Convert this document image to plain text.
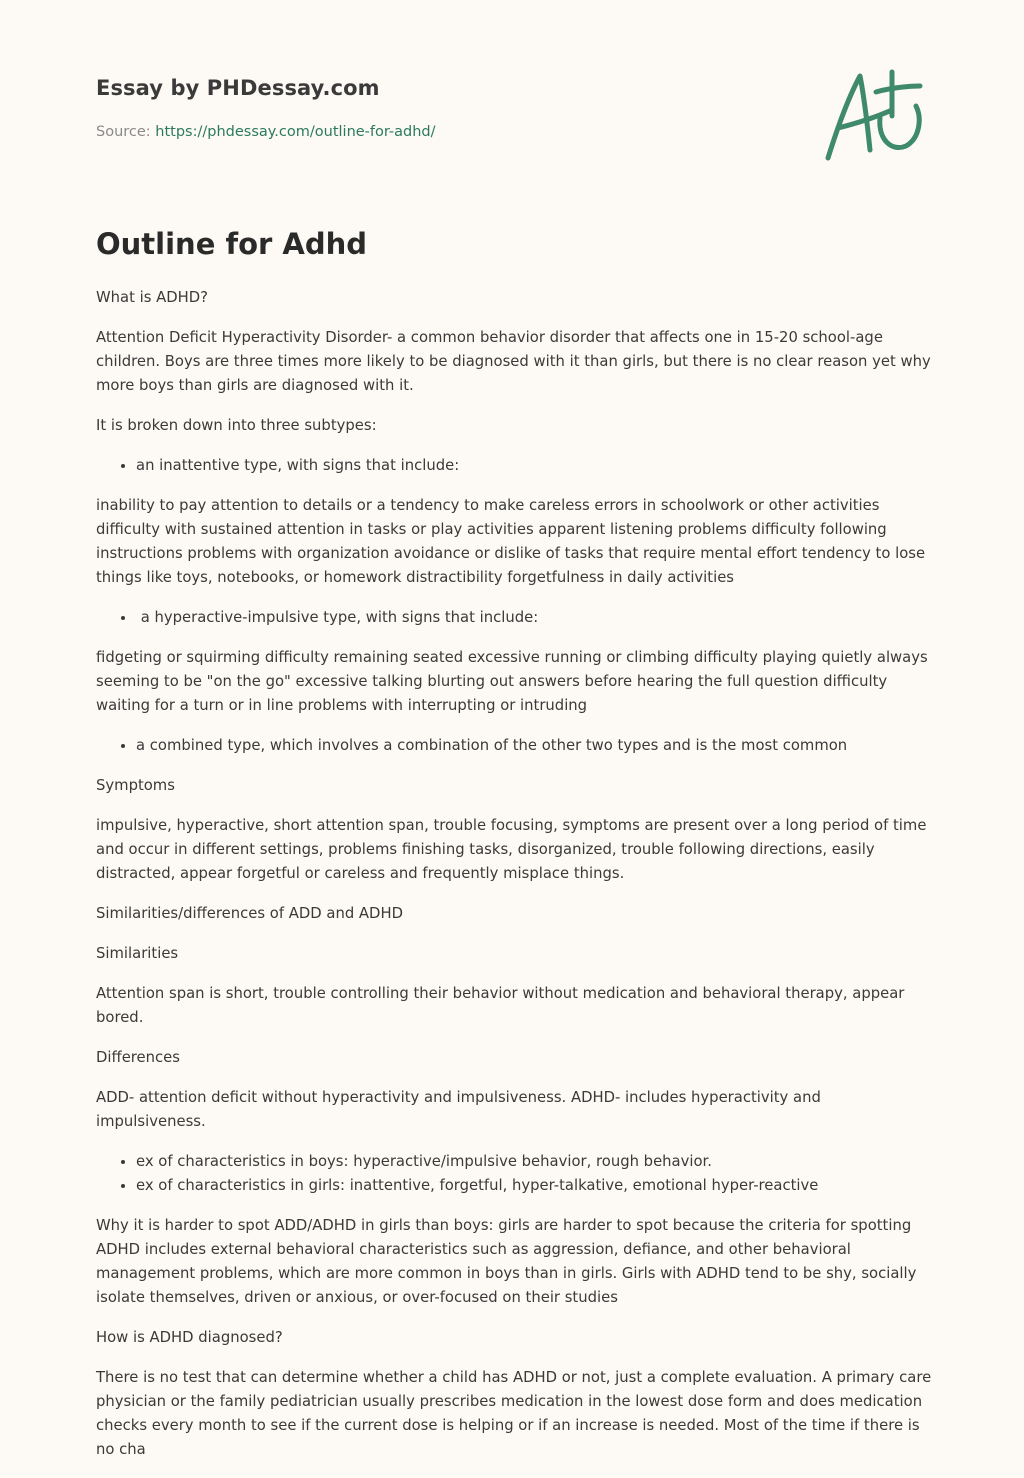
Essay by PHDessay.com
Source: https://phdessay.com/outline-for-adhd/
Outline for Adhd

What is ADHD?

Attention Deficit Hyperactivity Disorder- a common behavior disorder that affects one in 15-20 school-age children. Boys are three times more likely to be diagnosed with it than girls, but there is no clear reason yet why more boys than girls are diagnosed with it.

It is broken down into three subtypes:

• an inattentive type, with signs that include:

inability to pay attention to details or a tendency to make careless errors in schoolwork or other activities difficulty with sustained attention in tasks or play activities apparent listening problems difficulty following instructions problems with organization avoidance or dislike of tasks that require mental effort tendency to lose things like toys, notebooks, or homework distractibility forgetfulness in daily activities

•  a hyperactive-impulsive type, with signs that include:

fidgeting or squirming difficulty remaining seated excessive running or climbing difficulty playing quietly always seeming to be "on the go" excessive talking blurting out answers before hearing the full question difficulty waiting for a turn or in line problems with interrupting or intruding

• a combined type, which involves a combination of the other two types and is the most common

Symptoms

impulsive, hyperactive, short attention span, trouble focusing, symptoms are present over a long period of time and occur in different settings, problems finishing tasks, disorganized, trouble following directions, easily distracted, appear forgetful or careless and frequently misplace things.

Similarities/differences of ADD and ADHD

Similarities

Attention span is short, trouble controlling their behavior without medication and behavioral therapy, appear bored.

Differences

ADD- attention deficit without hyperactivity and impulsiveness. ADHD- includes hyperactivity and impulsiveness.

• ex of characteristics in boys: hyperactive/impulsive behavior, rough behavior.
• ex of characteristics in girls: inattentive, forgetful, hyper-talkative, emotional hyper-reactive

Why it is harder to spot ADD/ADHD in girls than boys: girls are harder to spot because the criteria for spotting ADHD includes external behavioral characteristics such as aggression, defiance, and other behavioral management problems, which are more common in boys than in girls. Girls with ADHD tend to be shy, socially isolate themselves, driven or anxious, or over-focused on their studies

How is ADHD diagnosed?

There is no test that can determine whether a child has ADHD or not, just a complete evaluation. A primary care physician or the family pediatrician usually prescribes medication in the lowest dose form and does medication checks every month to see if the current dose is helping or if an increase is needed. Most of the time if there is no cha
